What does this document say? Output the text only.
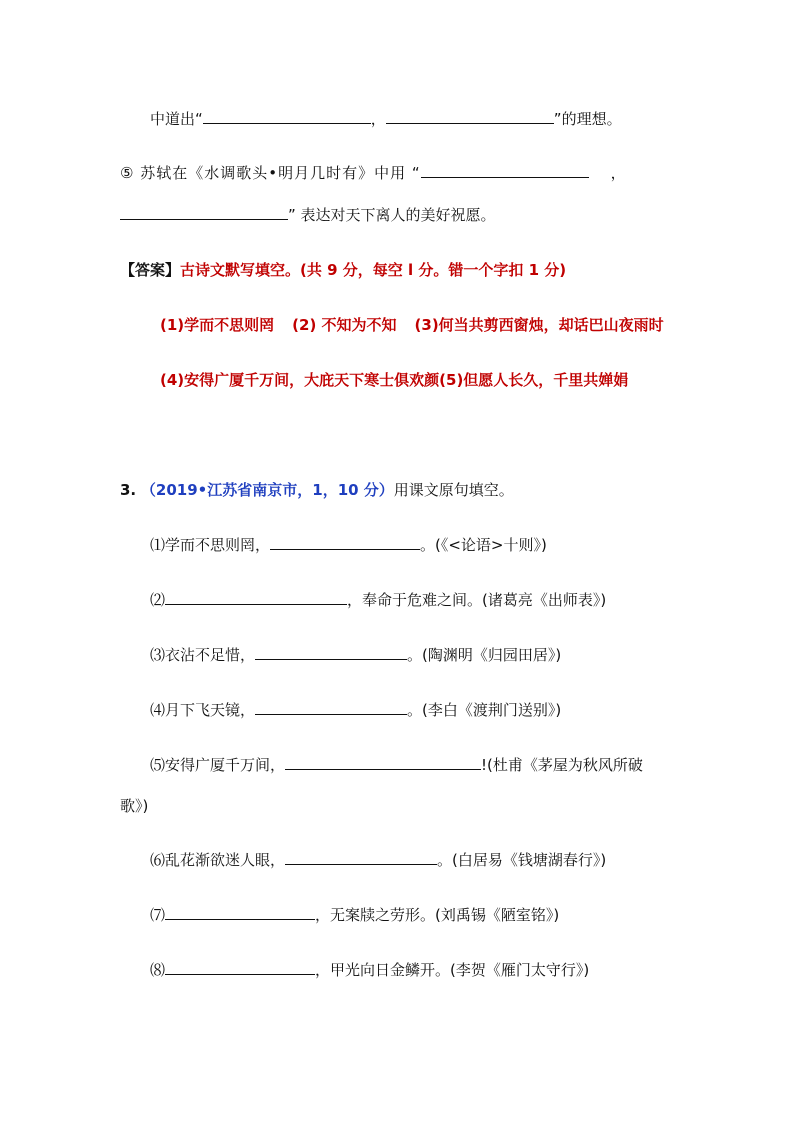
中道出“	，	”的理想。
⑤ 苏轼在《水调歌头•明月几时有》中用 “	，
” 表达对天下离人的美好祝愿。
【答案】古诗文默写填空。(共 9 分，每空 l 分。错一个字扣 1 分)
(1)学而不思则罔 (2) 不知为不知 (3)何当共剪西窗烛，却话巴山夜雨时
(4)安得广厦千万间，大庇天下寒士俱欢颜(5)但愿人长久，千里共婵娟
3. （2019•江苏省南京市，1，10 分）用课文原句填空。
⑴学而不思则罔，	。(《<论语>十则》)
⑵	，奉命于危难之间。(诸葛亮《出师表》)
⑶衣沾不足惜，	。(陶渊明《归园田居》)
⑷月下飞天镜，	。(李白《渡荆门送别》)
⑸安得广厦千万间，	!(杜甫《茅屋为秋风所破
歌》)
⑹乱花渐欲迷人眼，	。(白居易《钱塘湖春行》)
⑺	，无案牍之劳形。(刘禹锡《陋室铭》)
⑻	，甲光向日金鳞开。(李贺《雁门太守行》)
